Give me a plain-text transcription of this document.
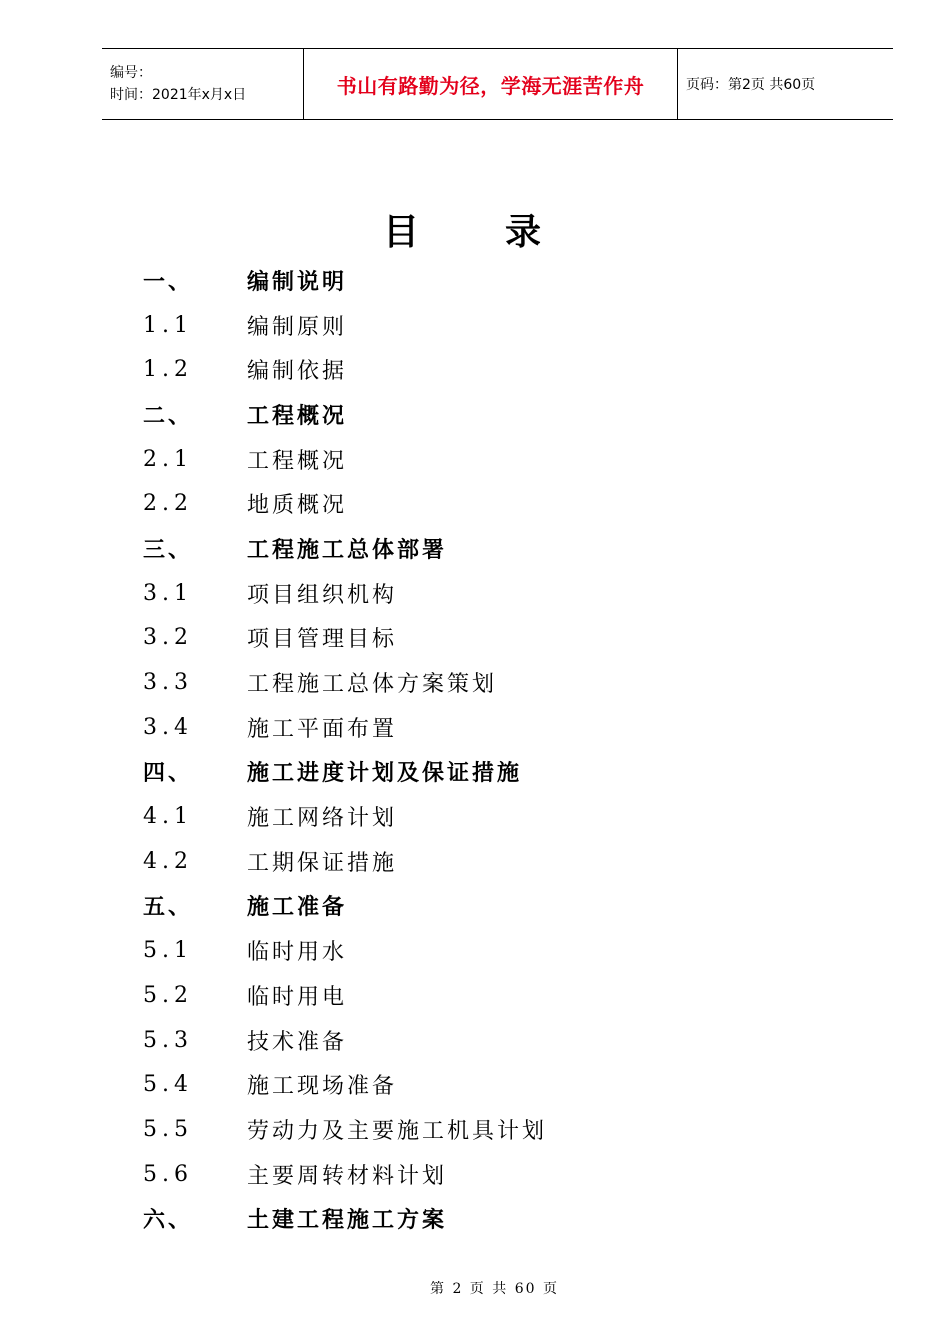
编号：
时间：2021年x月x日	书山有路勤为径，学海无涯苦作舟	页码：第2页 共60页
目录
一、	编制说明
1.1	编制原则
1.2	编制依据
二、	工程概况
2.1	工程概况
2.2	地质概况
三、	工程施工总体部署
3.1	项目组织机构
3.2	项目管理目标
3.3	工程施工总体方案策划
3.4	施工平面布置
四、	施工进度计划及保证措施
4.1	施工网络计划
4.2	工期保证措施
五、	施工准备
5.1	临时用水
5.2	临时用电
5.3	技术准备
5.4	施工现场准备
5.5	劳动力及主要施工机具计划
5.6	主要周转材料计划
六、	土建工程施工方案
第 2 页 共 60 页
